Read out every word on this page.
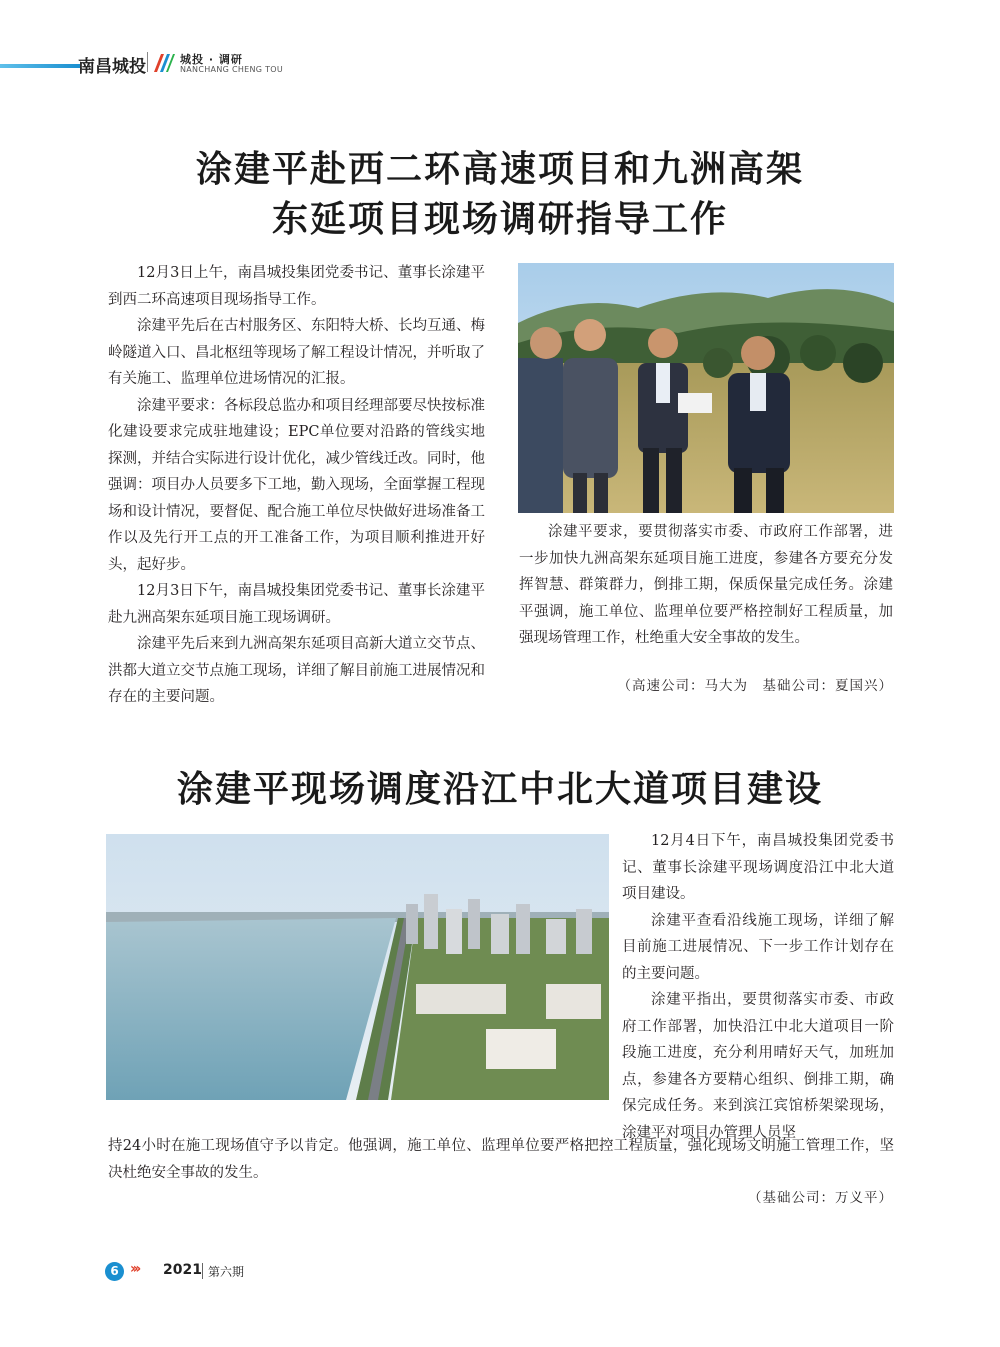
南昌城投	城投 · 调研
NANCHANG CHENG TOU
涂建平赴西二环高速项目和九洲高架
东延项目现场调研指导工作

12月3日上午，南昌城投集团党委书记、董事长涂建平到西二环高速项目现场指导工作。

涂建平先后在古村服务区、东阳特大桥、长均互通、梅岭隧道入口、昌北枢纽等现场了解工程设计情况，并听取了有关施工、监理单位进场情况的汇报。

涂建平要求：各标段总监办和项目经理部要尽快按标准化建设要求完成驻地建设；EPC单位要对沿路的管线实地探测，并结合实际进行设计优化，减少管线迁改。同时，他强调：项目办人员要多下工地，勤入现场，全面掌握工程现场和设计情况，要督促、配合施工单位尽快做好进场准备工作以及先行开工点的开工准备工作，为项目顺利推进开好头，起好步。

12月3日下午，南昌城投集团党委书记、董事长涂建平赴九洲高架东延项目施工现场调研。

涂建平先后来到九洲高架东延项目高新大道立交节点、洪都大道立交节点施工现场，详细了解目前施工进展情况和存在的主要问题。

涂建平要求，要贯彻落实市委、市政府工作部署，进一步加快九洲高架东延项目施工进度，参建各方要充分发挥智慧、群策群力，倒排工期，保质保量完成任务。涂建平强调，施工单位、监理单位要严格控制好工程质量，加强现场管理工作，杜绝重大安全事故的发生。

（高速公司：马大为　基础公司：夏国兴）
涂建平现场调度沿江中北大道项目建设

12月4日下午，南昌城投集团党委书记、董事长涂建平现场调度沿江中北大道项目建设。

涂建平查看沿线施工现场，详细了解目前施工进展情况、下一步工作计划存在的主要问题。

涂建平指出，要贯彻落实市委、市政府工作部署，加快沿江中北大道项目一阶段施工进度，充分利用晴好天气，加班加点，参建各方要精心组织、倒排工期，确保完成任务。来到滨江宾馆桥架梁现场，涂建平对项目办管理人员坚

持24小时在施工现场值守予以肯定。他强调，施工单位、监理单位要严格把控工程质量，强化现场文明施工管理工作，坚决杜绝安全事故的发生。

（基础公司：万义平）
6 ››› 2021 第六期
